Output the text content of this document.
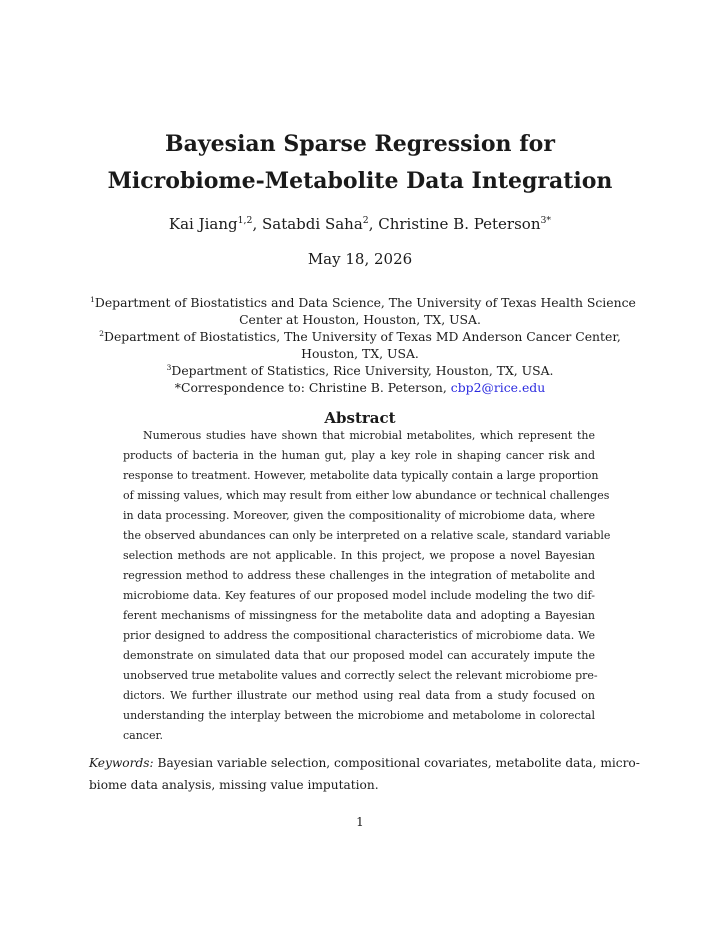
Bayesian Sparse Regression for
Microbiome-Metabolite Data Integration
Kai Jiang$^{1,2}$, Satabdi Saha$^2$, Christine B. Peterson$^{3*}$
May 18, 2026
$^1$Department of Biostatistics and Data Science, The University of Texas Health Science
Center at Houston, Houston, TX, USA.
$^2$Department of Biostatistics, The University of Texas MD Anderson Cancer Center,
Houston, TX, USA.
$^3$Department of Statistics, Rice University, Houston, TX, USA.
*Correspondence to: Christine B. Peterson, cbp2@rice.edu
Abstract
Numerous studies have shown that microbial metabolites, which represent the
products of bacteria in the human gut, play a key role in shaping cancer risk and
response to treatment. However, metabolite data typically contain a large proportion
of missing values, which may result from either low abundance or technical challenges
in data processing. Moreover, given the compositionality of microbiome data, where
the observed abundances can only be interpreted on a relative scale, standard variable
selection methods are not applicable. In this project, we propose a novel Bayesian
regression method to address these challenges in the integration of metabolite and
microbiome data. Key features of our proposed model include modeling the two dif-
ferent mechanisms of missingness for the metabolite data and adopting a Bayesian
prior designed to address the compositional characteristics of microbiome data. We
demonstrate on simulated data that our proposed model can accurately impute the
unobserved true metabolite values and correctly select the relevant microbiome pre-
dictors. We further illustrate our method using real data from a study focused on
understanding the interplay between the microbiome and metabolome in colorectal
cancer.
Keywords: Bayesian variable selection, compositional covariates, metabolite data, micro-
biome data analysis, missing value imputation.
1
